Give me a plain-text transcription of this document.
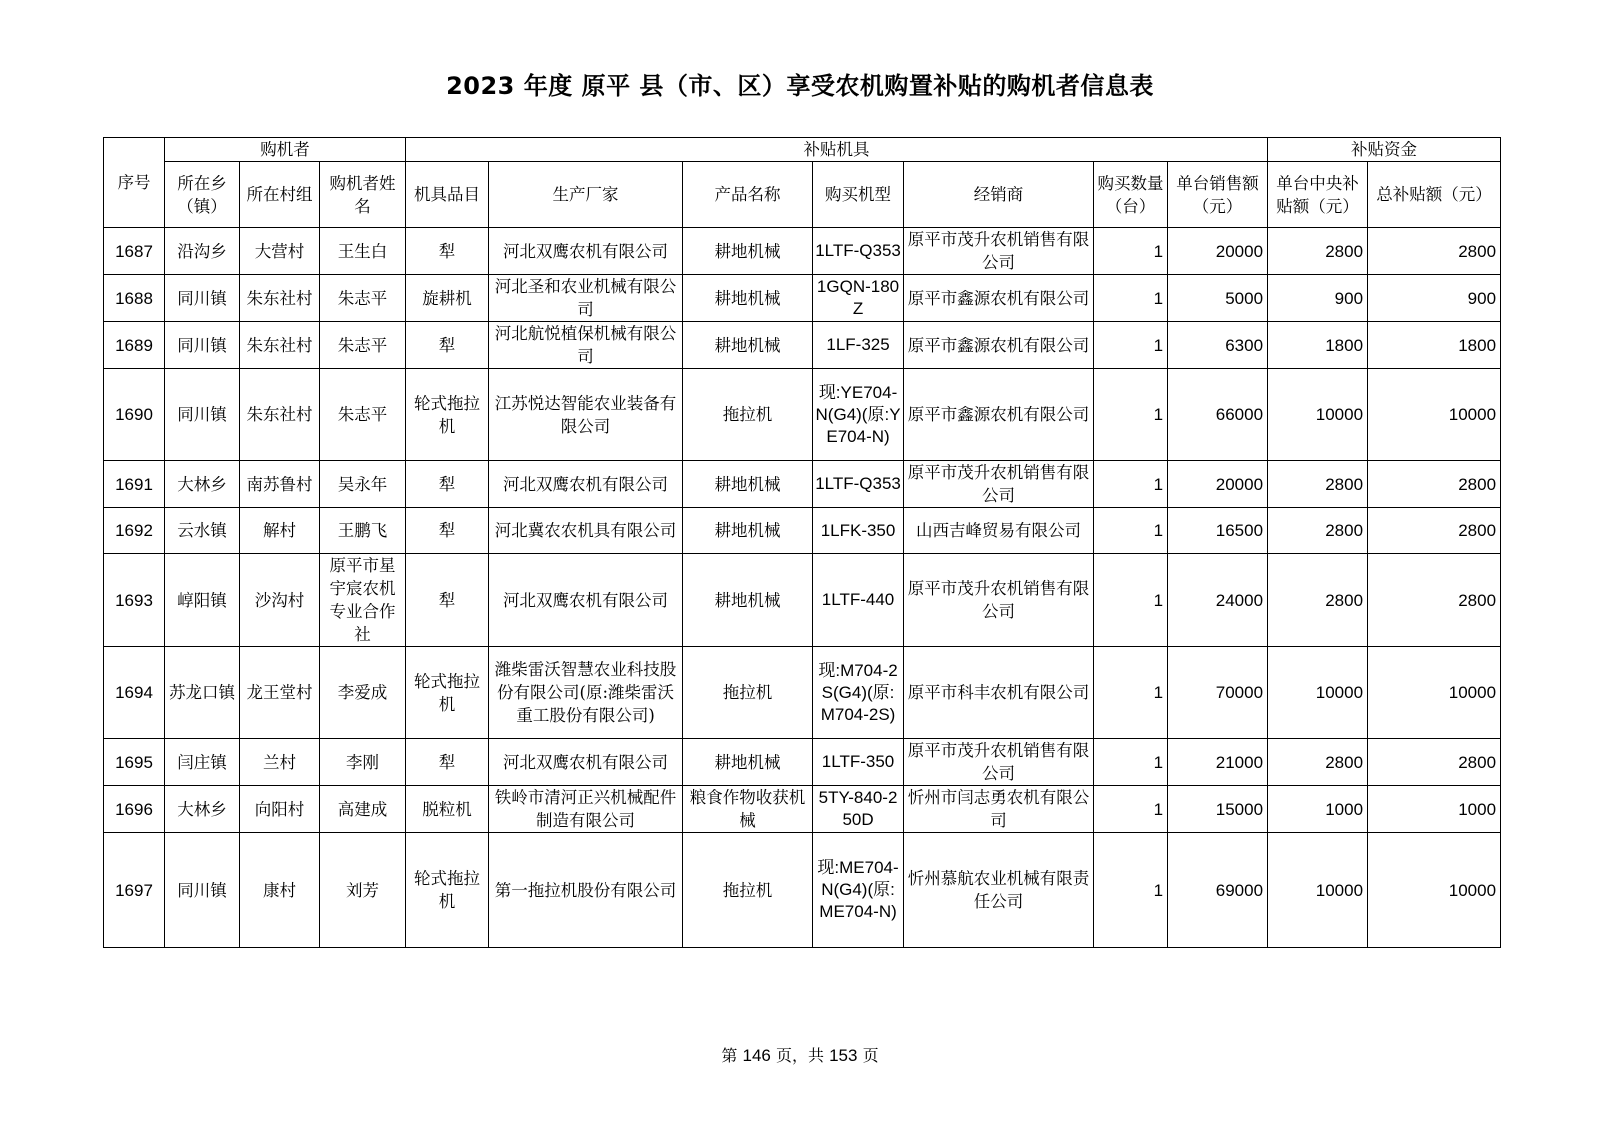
2023 年度 原平 县（市、区）享受农机购置补贴的购机者信息表
序号	购机者			补贴机具							补贴资金	
	所在乡（镇）	所在村组	购机者姓名	机具品目	生产厂家	产品名称	购买机型	经销商	购买数量（台）	单台销售额（元）	单台中央补贴额（元）	总补贴额（元）
1687	沿沟乡	大营村	王生白	犁	河北双鹰农机有限公司	耕地机械	1LTF-Q353	原平市茂升农机销售有限公司	1	20000	2800	2800
1688	同川镇	朱东社村	朱志平	旋耕机	河北圣和农业机械有限公司	耕地机械	1GQN-180Z	原平市鑫源农机有限公司	1	5000	900	900
1689	同川镇	朱东社村	朱志平	犁	河北航悦植保机械有限公司	耕地机械	1LF-325	原平市鑫源农机有限公司	1	6300	1800	1800
1690	同川镇	朱东社村	朱志平	轮式拖拉机	江苏悦达智能农业装备有限公司	拖拉机	现:YE704-N(G4)(原:YE704-N)	原平市鑫源农机有限公司	1	66000	10000	10000
1691	大林乡	南苏鲁村	吴永年	犁	河北双鹰农机有限公司	耕地机械	1LTF-Q353	原平市茂升农机销售有限公司	1	20000	2800	2800
1692	云水镇	解村	王鹏飞	犁	河北冀农农机具有限公司	耕地机械	1LFK-350	山西吉峰贸易有限公司	1	16500	2800	2800
1693	崞阳镇	沙沟村	原平市星宇宸农机专业合作社	犁	河北双鹰农机有限公司	耕地机械	1LTF-440	原平市茂升农机销售有限公司	1	24000	2800	2800
1694	苏龙口镇	龙王堂村	李爱成	轮式拖拉机	潍柴雷沃智慧农业科技股份有限公司(原:潍柴雷沃重工股份有限公司)	拖拉机	现:M704-2S(G4)(原:M704-2S)	原平市科丰农机有限公司	1	70000	10000	10000
1695	闫庄镇	兰村	李刚	犁	河北双鹰农机有限公司	耕地机械	1LTF-350	原平市茂升农机销售有限公司	1	21000	2800	2800
1696	大林乡	向阳村	高建成	脱粒机	铁岭市清河正兴机械配件制造有限公司	粮食作物收获机械	5TY-840-250D	忻州市闫志勇农机有限公司	1	15000	1000	1000
1697	同川镇	康村	刘芳	轮式拖拉机	第一拖拉机股份有限公司	拖拉机	现:ME704-N(G4)(原:ME704-N)	忻州慕航农业机械有限责任公司	1	69000	10000	10000
第 146 页，共 153 页
